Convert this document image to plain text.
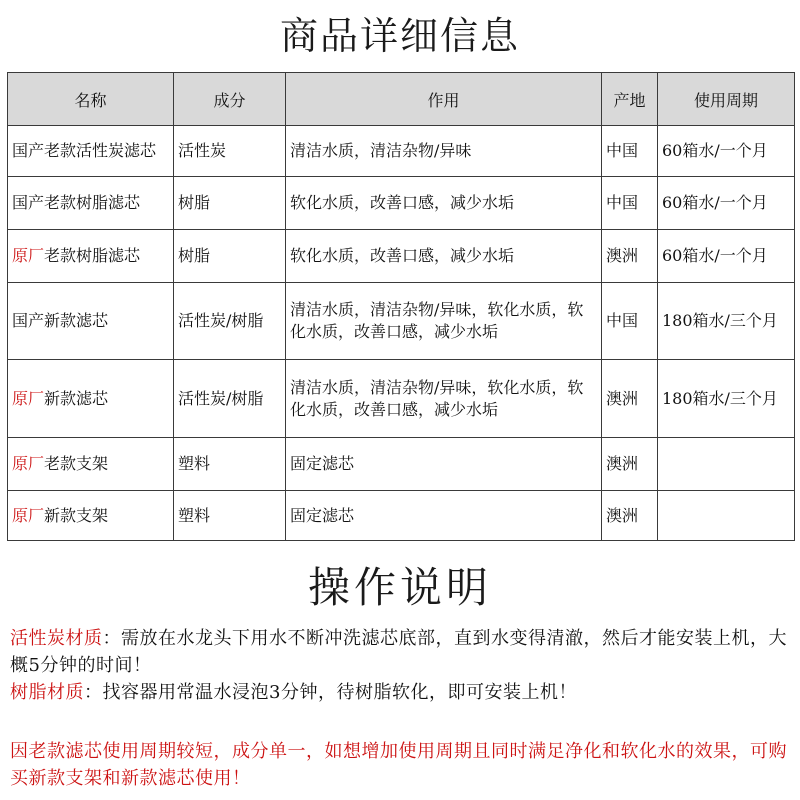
商品详细信息
名称	成分	作用	产地	使用周期
国产老款活性炭滤芯	活性炭	清洁水质，清洁杂物/异味	中国	60箱水/一个月
国产老款树脂滤芯	树脂	软化水质，改善口感，减少水垢	中国	60箱水/一个月
原厂老款树脂滤芯	树脂	软化水质，改善口感，减少水垢	澳洲	60箱水/一个月
国产新款滤芯	活性炭/树脂	清洁水质，清洁杂物/异味，软化水质，软化水质，改善口感，减少水垢	中国	180箱水/三个月
原厂新款滤芯	活性炭/树脂	清洁水质，清洁杂物/异味，软化水质，软化水质，改善口感，减少水垢	澳洲	180箱水/三个月
原厂老款支架	塑料	固定滤芯	澳洲	
原厂新款支架	塑料	固定滤芯	澳洲	
操作说明
活性炭材质：需放在水龙头下用水不断冲洗滤芯底部，直到水变得清澈，然后才能安装上机，大概5分钟的时间！
树脂材质：找容器用常温水浸泡3分钟，待树脂软化，即可安装上机！
因老款滤芯使用周期较短，成分单一，如想增加使用周期且同时满足净化和软化水的效果，可购买新款支架和新款滤芯使用！
